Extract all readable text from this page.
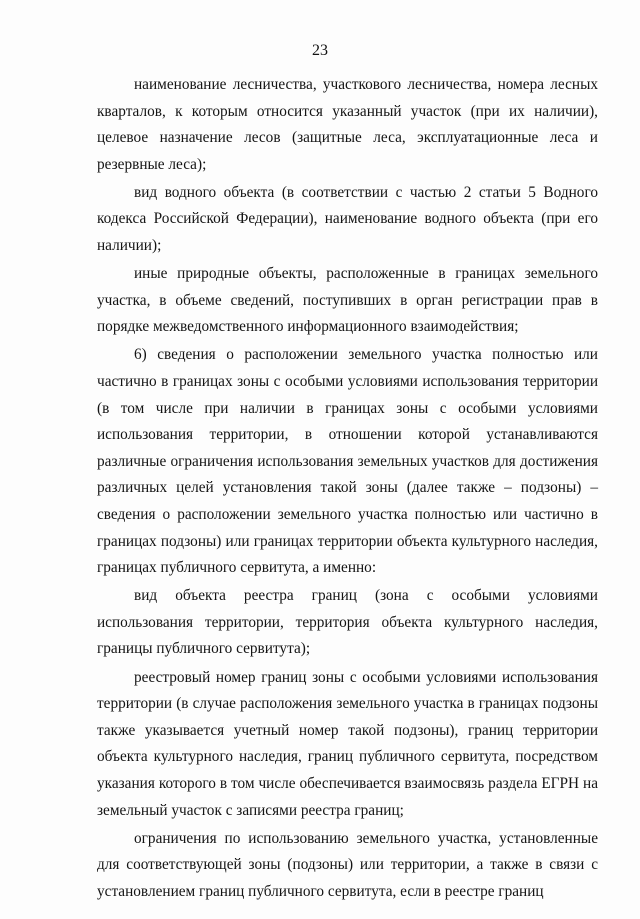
23

наименование лесничества, участкового лесничества, номера лесных кварталов, к которым относится указанный участок (при их наличии), целевое назначение лесов (защитные леса, эксплуатационные леса и резервные леса);

вид водного объекта (в соответствии с частью 2 статьи 5 Водного кодекса Российской Федерации), наименование водного объекта (при его наличии);

иные природные объекты, расположенные в границах земельного участка, в объеме сведений, поступивших в орган регистрации прав в порядке межведомственного информационного взаимодействия;

6) сведения о расположении земельного участка полностью или частично в границах зоны с особыми условиями использования территории (в том числе при наличии в границах зоны с особыми условиями использования территории, в отношении которой устанавливаются различные ограничения использования земельных участков для достижения различных целей установления такой зоны (далее также – подзоны) – сведения о расположении земельного участка полностью или частично в границах подзоны) или границах территории объекта культурного наследия, границах публичного сервитута, а именно:

вид объекта реестра границ (зона с особыми условиями использования территории, территория объекта культурного наследия, границы публичного сервитута);

реестровый номер границ зоны с особыми условиями использования территории (в случае расположения земельного участка в границах подзоны также указывается учетный номер такой подзоны), границ территории объекта культурного наследия, границ публичного сервитута, посредством указания которого в том числе обеспечивается взаимосвязь раздела ЕГРН на земельный участок с записями реестра границ;

ограничения по использованию земельного участка, установленные для соответствующей зоны (подзоны) или территории, а также в связи с установлением границ публичного сервитута, если в реестре границ
